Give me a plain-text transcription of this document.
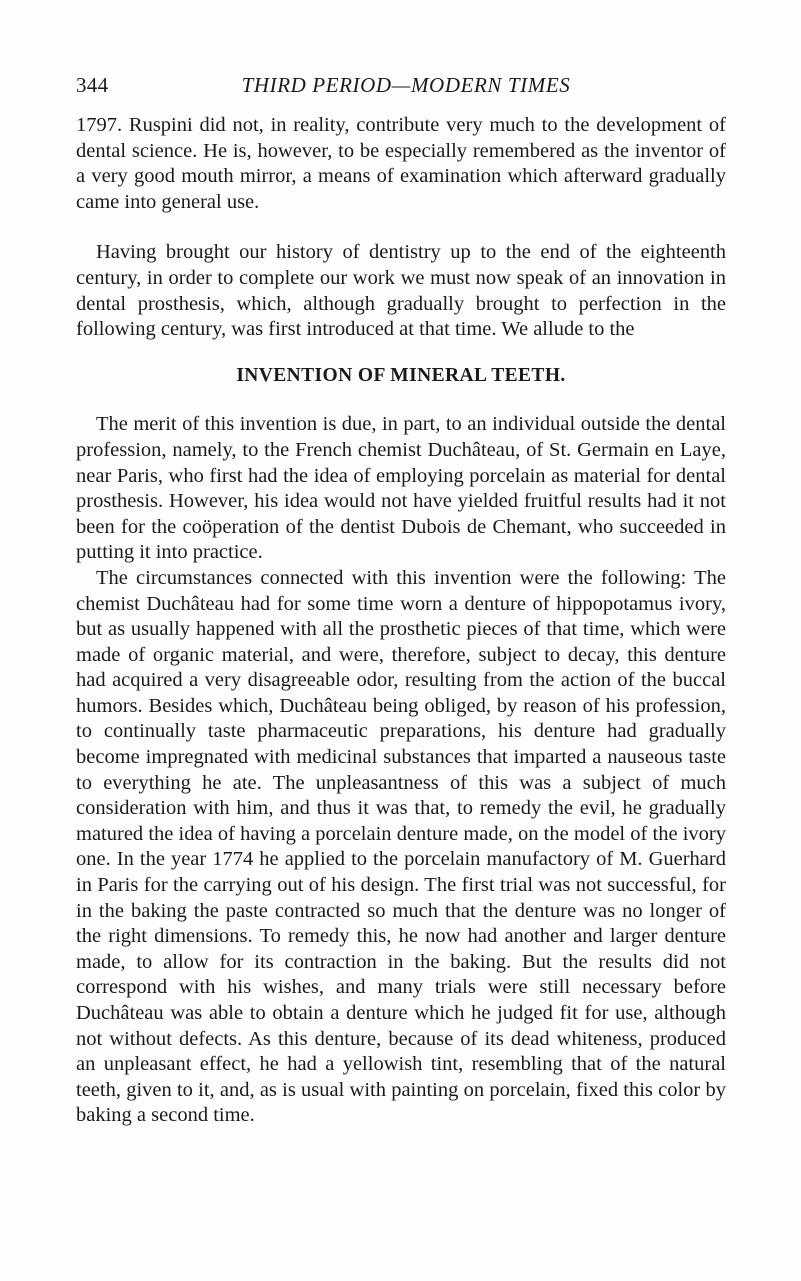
344	THIRD PERIOD—MODERN TIMES

1797. Ruspini did not, in reality, contribute very much to the development of dental science. He is, however, to be especially remembered as the inventor of a very good mouth mirror, a means of examination which afterward gradually came into general use.

Having brought our history of dentistry up to the end of the eighteenth century, in order to complete our work we must now speak of an innovation in dental prosthesis, which, although gradually brought to perfection in the following century, was first introduced at that time. We allude to the

INVENTION OF MINERAL TEETH.

The merit of this invention is due, in part, to an individual outside the dental profession, namely, to the French chemist Duchâteau, of St. Germain en Laye, near Paris, who first had the idea of employing porcelain as material for dental prosthesis. However, his idea would not have yielded fruitful results had it not been for the coöperation of the dentist Dubois de Chemant, who succeeded in putting it into practice.

The circumstances connected with this invention were the following: The chemist Duchâteau had for some time worn a denture of hippopotamus ivory, but as usually happened with all the prosthetic pieces of that time, which were made of organic material, and were, therefore, subject to decay, this denture had acquired a very disagreeable odor, resulting from the action of the buccal humors. Besides which, Duchâteau being obliged, by reason of his profession, to continually taste pharmaceutic preparations, his denture had gradually become impregnated with medicinal substances that imparted a nauseous taste to everything he ate. The unpleasantness of this was a subject of much consideration with him, and thus it was that, to remedy the evil, he gradually matured the idea of having a porcelain denture made, on the model of the ivory one. In the year 1774 he applied to the porcelain manufactory of M. Guerhard in Paris for the carrying out of his design. The first trial was not successful, for in the baking the paste contracted so much that the denture was no longer of the right dimensions. To remedy this, he now had another and larger denture made, to allow for its contraction in the baking. But the results did not correspond with his wishes, and many trials were still necessary before Duchâteau was able to obtain a denture which he judged fit for use, although not without defects. As this denture, because of its dead whiteness, produced an unpleasant effect, he had a yellowish tint, resembling that of the natural teeth, given to it, and, as is usual with painting on porcelain, fixed this color by baking a second time.
